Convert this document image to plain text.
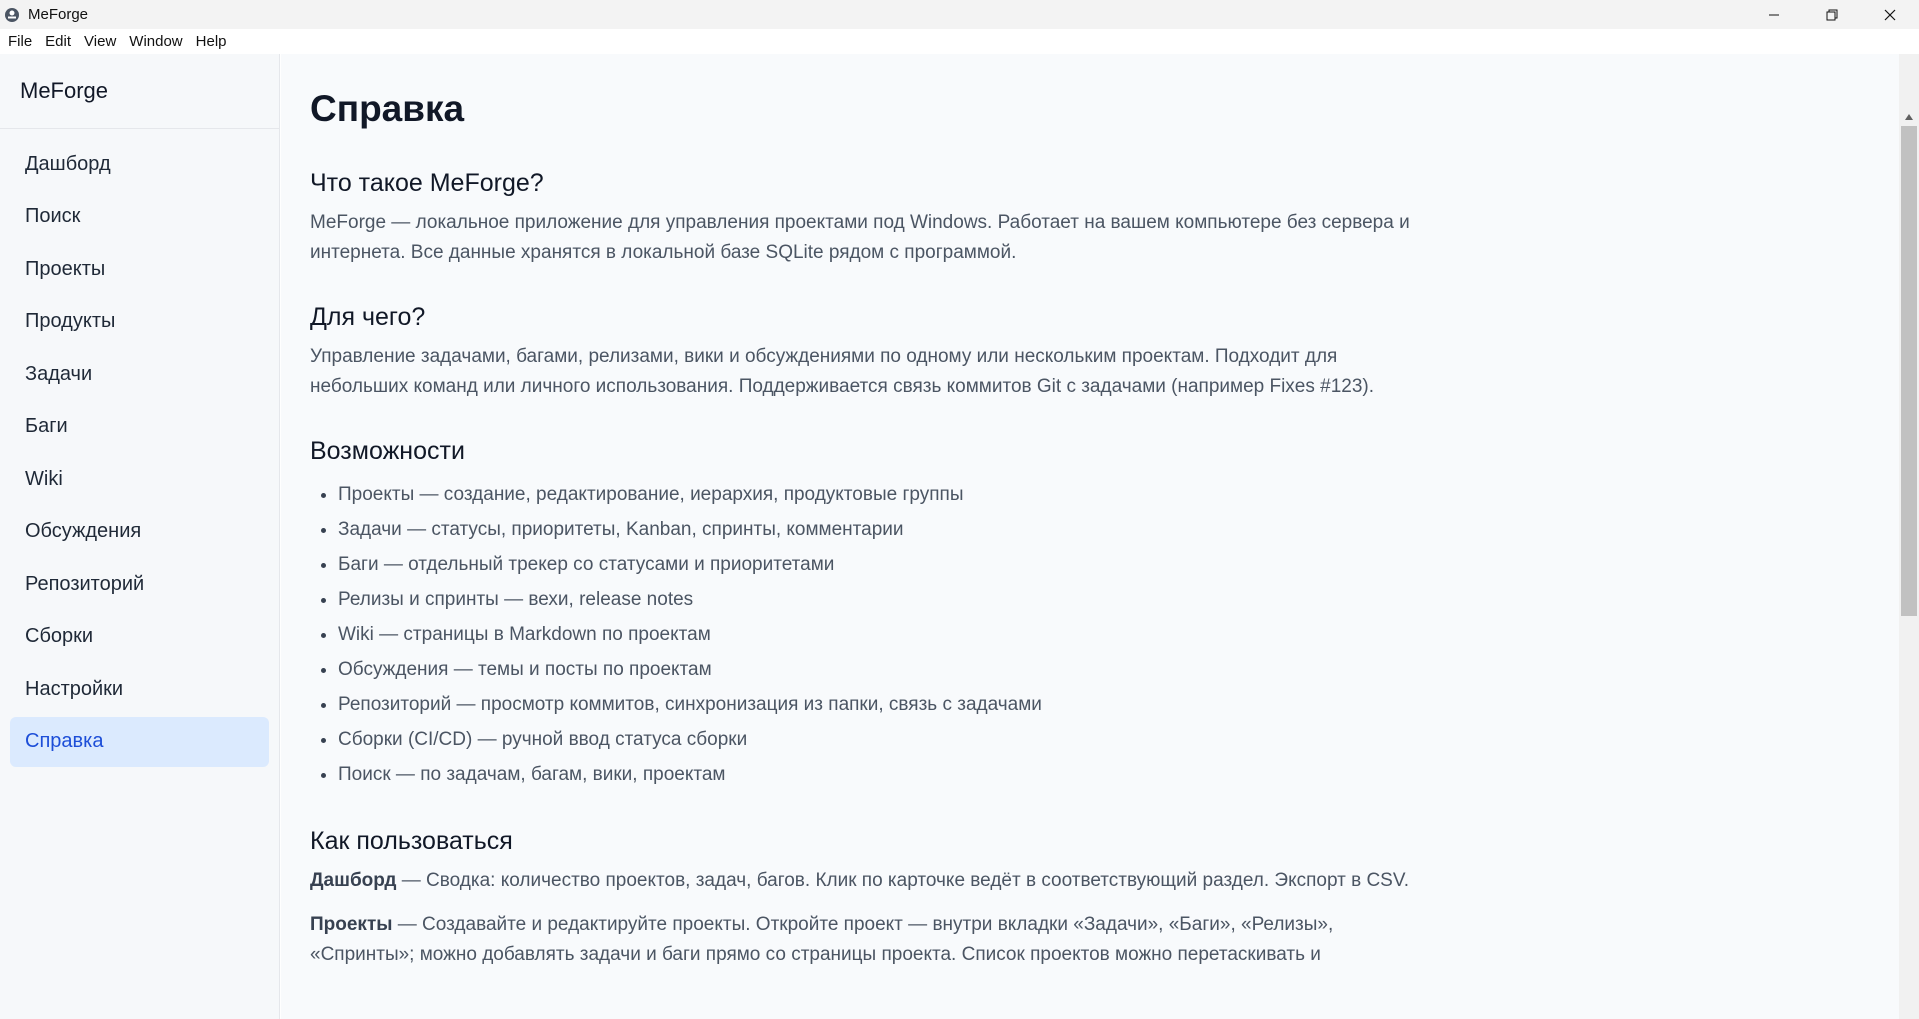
MeForge
File Edit View Window Help
MeForge
Дашборд
Поиск
Проекты
Продукты
Задачи
Баги
Wiki
Обсуждения
Репозиторий
Сборки
Настройки
Справка
Справка
Что такое MeForge?

MeForge — локальное приложение для управления проектами под Windows. Работает на вашем компьютере без сервера и интернета. Все данные хранятся в локальной базе SQLite рядом с программой.

Для чего?

Управление задачами, багами, релизами, вики и обсуждениями по одному или нескольким проектам. Подходит для небольших команд или личного использования. Поддерживается связь коммитов Git с задачами (например Fixes #123).

Возможности
• Проекты — создание, редактирование, иерархия, продуктовые группы
• Задачи — статусы, приоритеты, Kanban, спринты, комментарии
• Баги — отдельный трекер со статусами и приоритетами
• Релизы и спринты — вехи, release notes
• Wiki — страницы в Markdown по проектам
• Обсуждения — темы и посты по проектам
• Репозиторий — просмотр коммитов, синхронизация из папки, связь с задачами
• Сборки (CI/CD) — ручной ввод статуса сборки
• Поиск — по задачам, багам, вики, проектам
Как пользоваться

Дашборд — Сводка: количество проектов, задач, багов. Клик по карточке ведёт в соответствующий раздел. Экспорт в CSV.

Проекты — Создавайте и редактируйте проекты. Откройте проект — внутри вкладки «Задачи», «Баги», «Релизы», «Спринты»; можно добавлять задачи и баги прямо со страницы проекта. Список проектов можно перетаскивать и
